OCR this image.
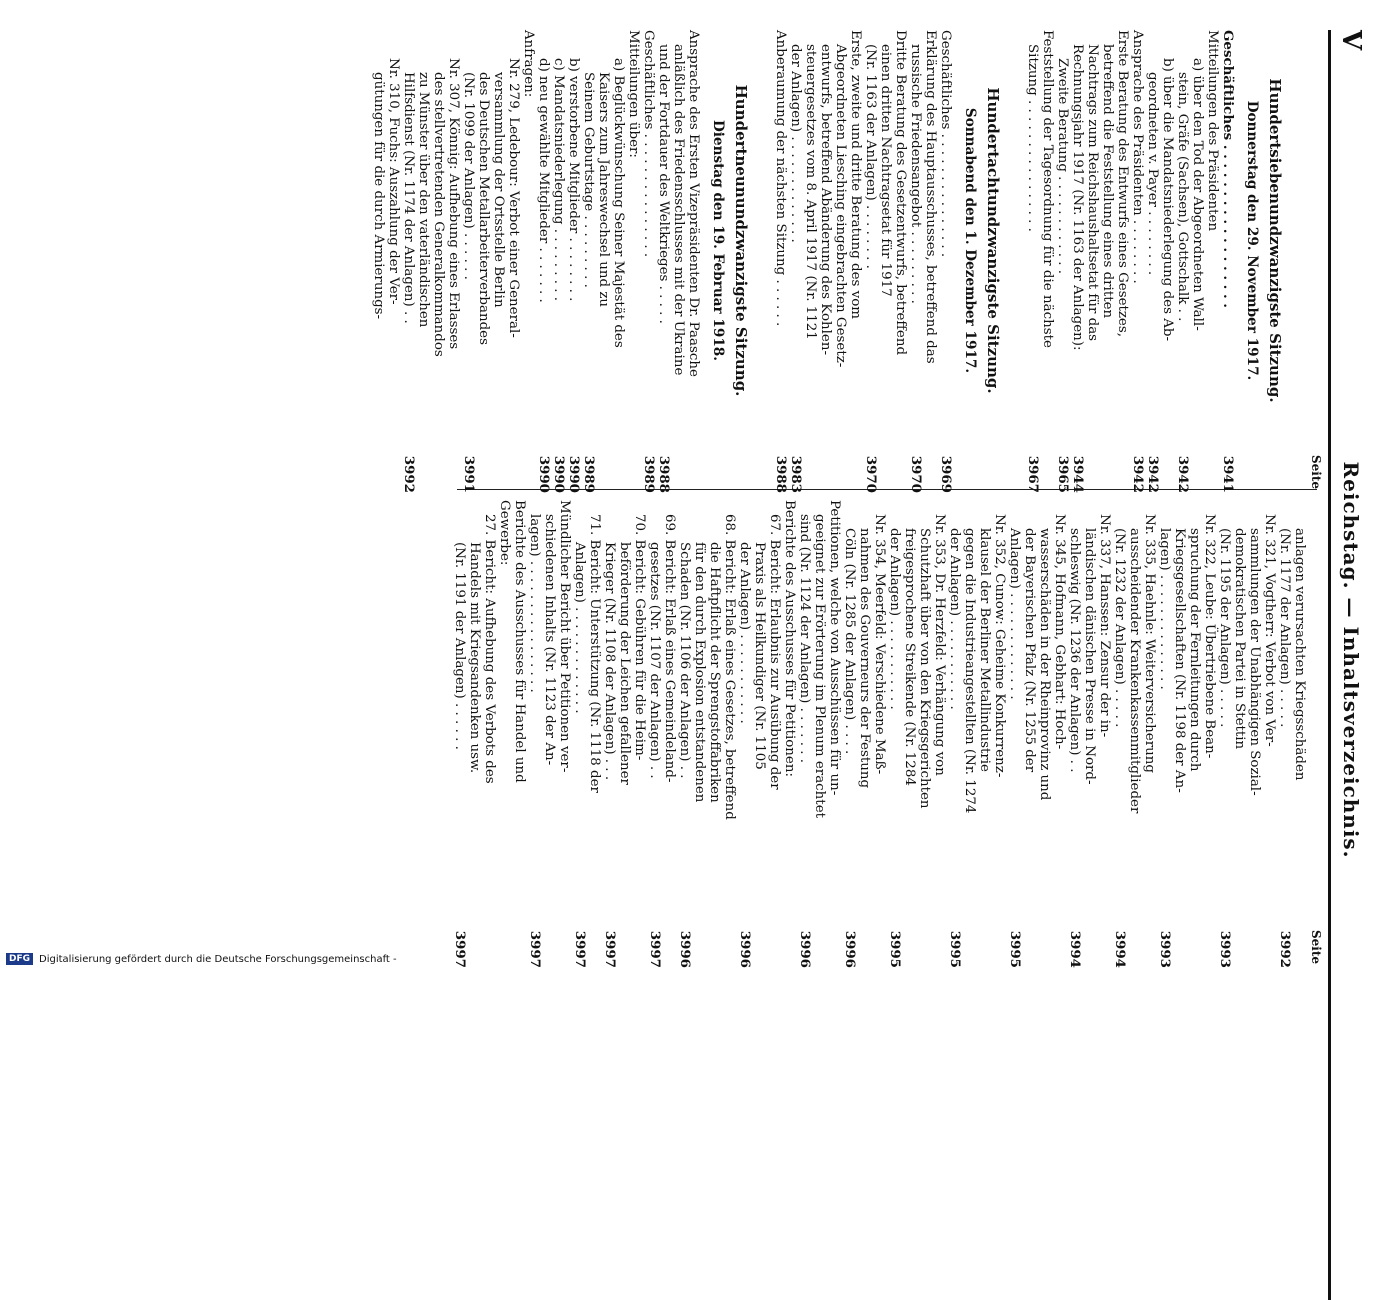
V
Reichstag. — Inhaltsverzeichnis.
Seite
Hundertsiebenundzwanzigste Sitzung.
Donnerstag den 29. November 1917.
Geschäftliches . . . . . . . . . . . . . . . . . .
3941
Mitteilungen des Präsidenten
a) über den Tod der Abgeordneten Wall-
stein, Gräfe (Sachsen), Gottschalk . .
3942
b) über die Mandatsniederlegung des Ab-
geordneten v. Payer . . . . . . . .
3942
Ansprache des Präsidenten . . . . . . . .
3942
Erste Beratung des Entwurfs eines Gesetzes,
betreffend die Feststellung eines dritten
Nachtrags zum Reichshaushaltsetat für das
Rechnungsjahr 1917 (Nr. 1163 der Anlagen):
3944
Zweite Beratung . . . . . . . . . . . .
3965
Feststellung der Tagesordnung für die nächste
Sitzung . . . . . . . . . . . . . . . .
3967
Hundertachtundzwanzigste Sitzung.
Sonnabend den 1. Dezember 1917.
Geschäftliches . . . . . . . . . . . . . . .
3969
Erklärung des Hauptausschusses, betreffend das
russische Friedensangebot . . . . . . . . .
3970
Dritte Beratung des Gesetzentwurfs, betreffend
einen dritten Nachtragsetat für 1917
(Nr. 1163 der Anlagen) . . . . . . . .
3970
Erste, zweite und dritte Beratung des vom
Abgeordneten Liesching eingebrachten Gesetz-
entwurfs, betreffend Abänderung des Kohlen-
steuergesetzes vom 8. April 1917 (Nr. 1121
der Anlagen) . . . . . . . . . . . . .
3983
Anberaumung der nächsten Sitzung . . . . . .
3988
Hundertneunundzwanzigste Sitzung.
Dienstag den 19. Februar 1918.
Ansprache des Ersten Vizepräsidenten Dr. Paasche
anläßlich des Friedensschlusses mit der Ukraine
und der Fortdauer des Weltkrieges . . . . .
3988
Geschäftliches . . . . . . . . . . . . . . .
3989
Mitteilungen über:
a) Beglückwünschung Seiner Majestät des
Kaisers zum Jahreswechsel und zu
Seinem Geburtstage . . . . . . . . .
3989
b) verstorbene Mitglieder . . . . . . . .
3990
c) Mandatsniederlegung . . . . . . . . .
3990
d) neu gewählte Mitglieder . . . . . . .
3990
Anfragen:
Nr. 279, Ledebour: Verbot einer General-
versammlung der Ortsstelle Berlin
des Deutschen Metallarbeiterverbandes
(Nr. 1099 der Anlagen) . . . . . .
3991
Nr. 307, Könnig: Aufhebung eines Erlasses
des stellvertretenden Generalkommandos
zu Münster über den vaterländischen
Hilfsdienst (Nr. 1174 der Anlagen) . .
3992
Nr. 310, Fuchs: Auszahlung der Ver-
gütungen für die durch Armierungs-
Seite
anlagen verursachten Kriegsschäden
(Nr. 1177 der Anlagen) . . . . .
3992
Nr. 321, Vogtherr: Verbot von Ver-
sammlungen der Unabhängigen Sozial-
demokratischen Partei in Stettin
(Nr. 1195 der Anlagen) . . . . .
3993
Nr. 322, Leube: Übertriebene Bean-
spruchung der Fernleitungen durch
Kriegsgesellschaften (Nr. 1198 der An-
lagen) . . . . . . . . . . . . . .
3993
Nr. 335, Haehnle: Weiterversicherung
ausscheidender Krankenkassenmitglieder
(Nr. 1232 der Anlagen) . . . . .
3994
Nr. 337, Hanssen: Zensur der in-
ländischen dänischen Presse in Nord-
schleswig (Nr. 1236 der Anlagen) . .
3994
Nr. 345, Hofmann, Gebhart: Hoch-
wasserschäden in der Rheinprovinz und
der Bayerischen Pfalz (Nr. 1255 der
Anlagen) . . . . . . . . . . . . .
3995
Nr. 352, Cunow: Geheime Konkurrenz-
klausel der Berliner Metallindustrie
gegen die Industrieangestellten (Nr. 1274
der Anlagen) . . . . . . . . . . .
3995
Nr. 353, Dr. Herzfeld: Verhängung von
Schutzhaft über von den Kriegsgerichten
freigesprochene Streikende (Nr. 1284
der Anlagen) . . . . . . . . . . .
3995
Nr. 354, Meerfeld: Verschiedene Maß-
nahmen des Gouverneurs der Festung
Cöln (Nr. 1285 der Anlagen) . . . .
3996
Petitionen, welche von Ausschüssen für un-
geeignet zur Erörterung im Plenum erachtet
sind (Nr. 1124 der Anlagen) . . . . . . .
3996
Berichte des Ausschusses für Petitionen:
67. Bericht: Erlaubnis zur Ausübung der
Praxis als Heilkundiger (Nr. 1105
der Anlagen) . . . . . . . . . . .
3996
68. Bericht: Erlaß eines Gesetzes, betreffend
die Haftpflicht der Sprengstoffabriken
für den durch Explosion entstandenen
Schaden (Nr. 1106 der Anlagen) . .
3996
69. Bericht: Erlaß eines Gemeindeland-
gesetzes (Nr. 1107 der Anlagen) . .
3997
70. Bericht: Gebühren für die Heim-
beförderung der Leichen gefallener
Krieger (Nr. 1108 der Anlagen) . . .
3997
71. Bericht: Unterstützung (Nr. 1118 der
Anlagen) . . . . . . . . . . . . .
3997
Mündlicher Bericht über Petitionen ver-
schiedenen Inhalts (Nr. 1123 der An-
lagen) . . . . . . . . . . . . . . . .
3997
Berichte des Ausschusses für Handel und
Gewerbe:
27. Bericht: Aufhebung des Verbots des
Handels mit Kriegsandenken usw.
(Nr. 1191 der Anlagen) . . . . . .
3997
DFG Digitalisierung gefördert durch die Deutsche Forschungsgemeinschaft -
